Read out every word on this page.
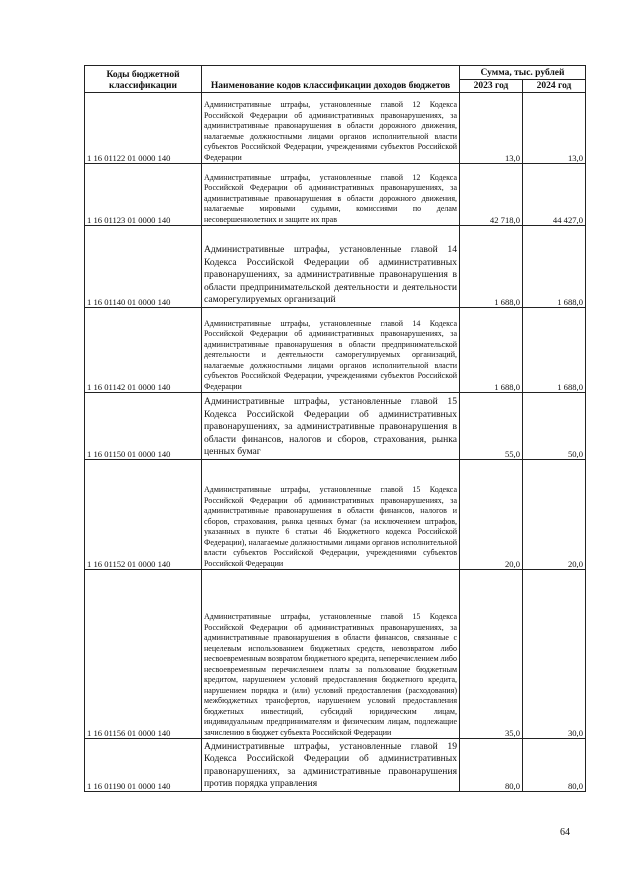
Коды бюджетной классификации	Наименование кодов классификации доходов бюджетов	Сумма, тыс. рублей	
		2023 год	2024 год
1 16 01122 01 0000 140	Административные штрафы, установленные главой 12 Кодекса Российской Федерации об административных правонарушениях, за административные правонарушения в области дорожного движения, налагаемые должностными лицами органов исполнительной власти субъектов Российской Федерации, учреждениями субъектов Российской Федерации	13,0	13,0
1 16 01123 01 0000 140	Административные штрафы, установленные главой 12 Кодекса Российской Федерации об административных правонарушениях, за административные правонарушения в области дорожного движения, налагаемые мировыми судьями, комиссиями по делам несовершеннолетних и защите их прав	42 718,0	44 427,0
1 16 01140 01 0000 140	Административные штрафы, установленные главой 14 Кодекса Российской Федерации об административных правонарушениях, за административные правонарушения в области предпринимательской деятельности и деятельности саморегулируемых организаций	1 688,0	1 688,0
1 16 01142 01 0000 140	Административные штрафы, установленные главой 14 Кодекса Российской Федерации об административных правонарушениях, за административные правонарушения в области предпринимательской деятельности и деятельности саморегулируемых организаций, налагаемые должностными лицами органов исполнительной власти субъектов Российской Федерации, учреждениями субъектов Российской Федерации	1 688,0	1 688,0
1 16 01150 01 0000 140	Административные штрафы, установленные главой 15 Кодекса Российской Федерации об административных правонарушениях, за административные правонарушения в области финансов, налогов и сборов, страхования, рынка ценных бумаг	55,0	50,0
1 16 01152 01 0000 140	Административные штрафы, установленные главой 15 Кодекса Российской Федерации об административных правонарушениях, за административные правонарушения в области финансов, налогов и сборов, страхования, рынка ценных бумаг (за исключением штрафов, указанных в пункте 6 статьи 46 Бюджетного кодекса Российской Федерации), налагаемые должностными лицами органов исполнительной власти субъектов Российской Федерации, учреждениями субъектов Российской Федерации	20,0	20,0
1 16 01156 01 0000 140	Административные штрафы, установленные главой 15 Кодекса Российской Федерации об административных правонарушениях, за административные правонарушения в области финансов, связанные с нецелевым использованием бюджетных средств, невозвратом либо несвоевременным возвратом бюджетного кредита, неперечислением либо несвоевременным перечислением платы за пользование бюджетным кредитом, нарушением условий предоставления бюджетного кредита, нарушением порядка и (или) условий предоставления (расходования) межбюджетных трансфертов, нарушением условий предоставления бюджетных инвестиций, субсидий юридическим лицам, индивидуальным предпринимателям и физическим лицам, подлежащие зачислению в бюджет субъекта Российской Федерации	35,0	30,0
1 16 01190 01 0000 140	Административные штрафы, установленные главой 19 Кодекса Российской Федерации об административных правонарушениях, за административные правонарушения против порядка управления	80,0	80,0
64
